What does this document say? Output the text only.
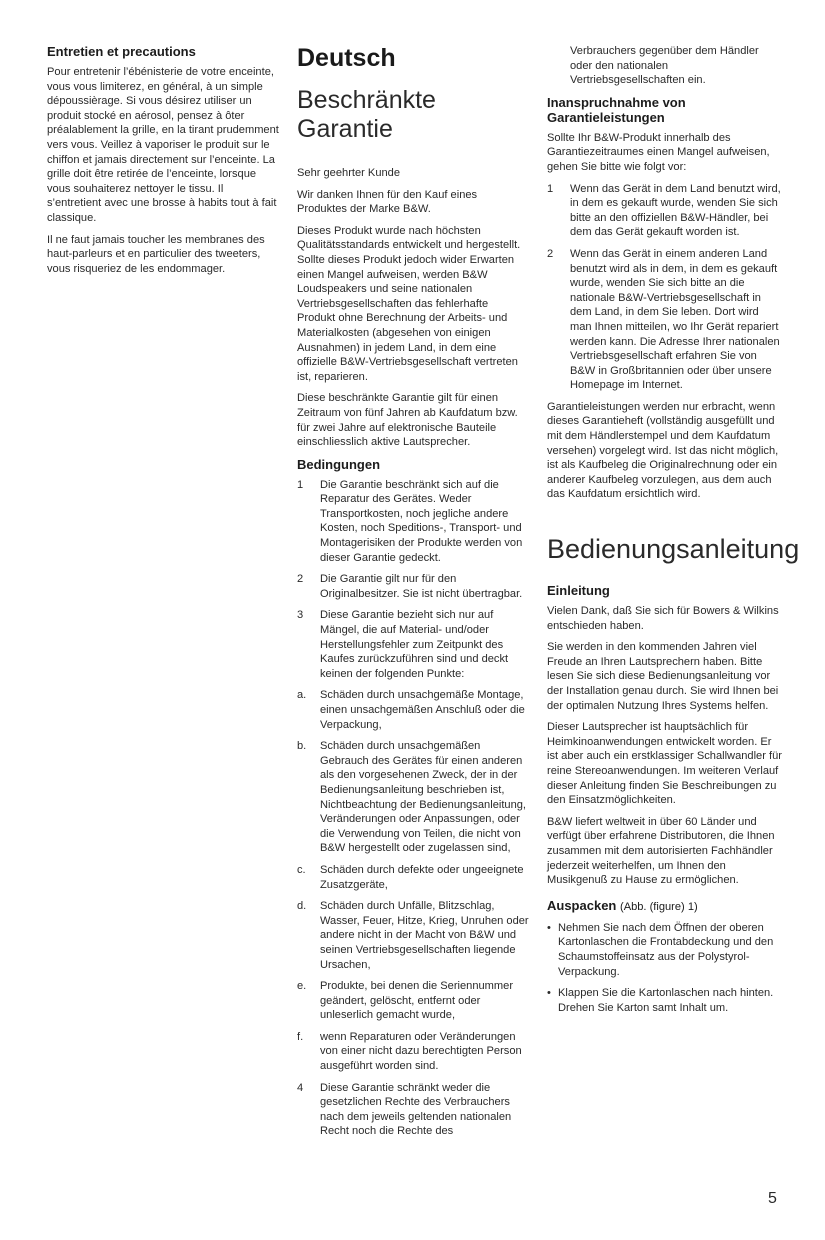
Entretien et precautions

Pour entretenir l’ébénisterie de votre enceinte, vous vous limiterez, en général, à un simple dépoussièrage. Si vous désirez utiliser un produit stocké en aérosol, pensez à ôter préalablement la grille, en la tirant prudemment vers vous. Veillez à vaporiser le produit sur le chiffon et jamais directement sur l’enceinte. La grille doit être retirée de l’enceinte, lorsque vous souhaiterez nettoyer le tissu. Il s’entretient avec une brosse à habits tout à fait classique.

Il ne faut jamais toucher les membranes des haut-parleurs et en particulier des tweeters, vous risqueriez de les endommager.

Deutsch
Beschränkte Garantie

Sehr geehrter Kunde

Wir danken Ihnen für den Kauf eines Produktes der Marke B&W.

Dieses Produkt wurde nach höchsten Qualitätsstandards entwickelt und hergestellt. Sollte dieses Produkt jedoch wider Erwarten einen Mangel aufweisen, werden B&W Loudspeakers und seine nationalen Vertriebsgesellschaften das fehlerhafte Produkt ohne Berechnung der Arbeits- und Materialkosten (abgesehen von einigen Ausnahmen) in jedem Land, in dem eine offizielle B&W-Vertriebsgesellschaft vertreten ist, reparieren.

Diese beschränkte Garantie gilt für einen Zeitraum von fünf Jahren ab Kaufdatum bzw. für zwei Jahre auf elektronische Bauteile einschliesslich aktive Lautsprecher.

Bedingungen
1	Die Garantie beschränkt sich auf die Reparatur des Gerätes. Weder Transportkosten, noch jegliche andere Kosten, noch Speditions-, Transport- und Montagerisiken der Produkte werden von dieser Garantie gedeckt.
2	Die Garantie gilt nur für den Originalbesitzer. Sie ist nicht übertragbar.
3	Diese Garantie bezieht sich nur auf Mängel, die auf Material- und/oder Herstellungsfehler zum Zeitpunkt des Kaufes zurückzuführen sind und deckt keinen der folgenden Punkte:
a.	Schäden durch unsachgemäße Montage, einen unsachgemäßen Anschluß oder die Verpackung,
b.	Schäden durch unsachgemäßen Gebrauch des Gerätes für einen anderen als den vorgesehenen Zweck, der in der Bedienungsanleitung beschrieben ist, Nichtbeachtung der Bedienungsanleitung, Veränderungen oder Anpassungen, oder die Verwendung von Teilen, die nicht von B&W hergestellt oder zugelassen sind,
c.	Schäden durch defekte oder ungeeignete Zusatzgeräte,
d.	Schäden durch Unfälle, Blitzschlag, Wasser, Feuer, Hitze, Krieg, Unruhen oder andere nicht in der Macht von B&W und seinen Vertriebsgesellschaften liegende Ursachen,
e.	Produkte, bei denen die Seriennummer geändert, gelöscht, entfernt oder unleserlich gemacht wurde,
f.	wenn Reparaturen oder Veränderungen von einer nicht dazu berechtigten Person ausgeführt worden sind.
4	Diese Garantie schränkt weder die gesetzlichen Rechte des Verbrauchers nach dem jeweils geltenden nationalen Recht noch die Rechte des

Verbrauchers gegenüber dem Händler oder den nationalen Vertriebsgesellschaften ein.

Inanspruchnahme von Garantieleistungen

Sollte Ihr B&W-Produkt innerhalb des Garantiezeitraumes einen Mangel aufweisen, gehen Sie bitte wie folgt vor:

1	Wenn das Gerät in dem Land benutzt wird, in dem es gekauft wurde, wenden Sie sich bitte an den offiziellen B&W-Händler, bei dem das Gerät gekauft worden ist.
2	Wenn das Gerät in einem anderen Land benutzt wird als in dem, in dem es gekauft wurde, wenden Sie sich bitte an die nationale B&W-Vertriebsgesellschaft in dem Land, in dem Sie leben. Dort wird man Ihnen mitteilen, wo Ihr Gerät repariert werden kann. Die Adresse Ihrer nationalen Vertriebsgesellschaft erfahren Sie von B&W in Großbritannien oder über unsere Homepage im Internet.

Garantieleistungen werden nur erbracht, wenn dieses Garantieheft (vollständig ausgefüllt und mit dem Händlerstempel und dem Kaufdatum versehen) vorgelegt wird. Ist das nicht möglich, ist als Kaufbeleg die Originalrechnung oder ein anderer Kaufbeleg vorzulegen, aus dem auch das Kaufdatum ersichtlich wird.

Bedienungsanleitung
Einleitung

Vielen Dank, daß Sie sich für Bowers & Wilkins entschieden haben.

Sie werden in den kommenden Jahren viel Freude an Ihren Lautsprechern haben. Bitte lesen Sie sich diese Bedienungsanleitung vor der Installation genau durch. Sie wird Ihnen bei der optimalen Nutzung Ihres Systems helfen.

Dieser Lautsprecher ist hauptsächlich für Heimkinoanwendungen entwickelt worden. Er ist aber auch ein erstklassiger Schallwandler für reine Stereoanwendungen. Im weiteren Verlauf dieser Anleitung finden Sie Beschreibungen zu den Einsatzmöglichkeiten.

B&W liefert weltweit in über 60 Länder und verfügt über erfahrene Distributoren, die Ihnen zusammen mit dem autorisierten Fachhändler jederzeit weiterhelfen, um Ihnen den Musikgenuß zu Hause zu ermöglichen.

Auspacken (Abb. (figure) 1)
• Nehmen Sie nach dem Öffnen der oberen Kartonlaschen die Frontabdeckung und den Schaumstoffeinsatz aus der Polystyrol-Verpackung.
• Klappen Sie die Kartonlaschen nach hinten. Drehen Sie Karton samt Inhalt um.
5
